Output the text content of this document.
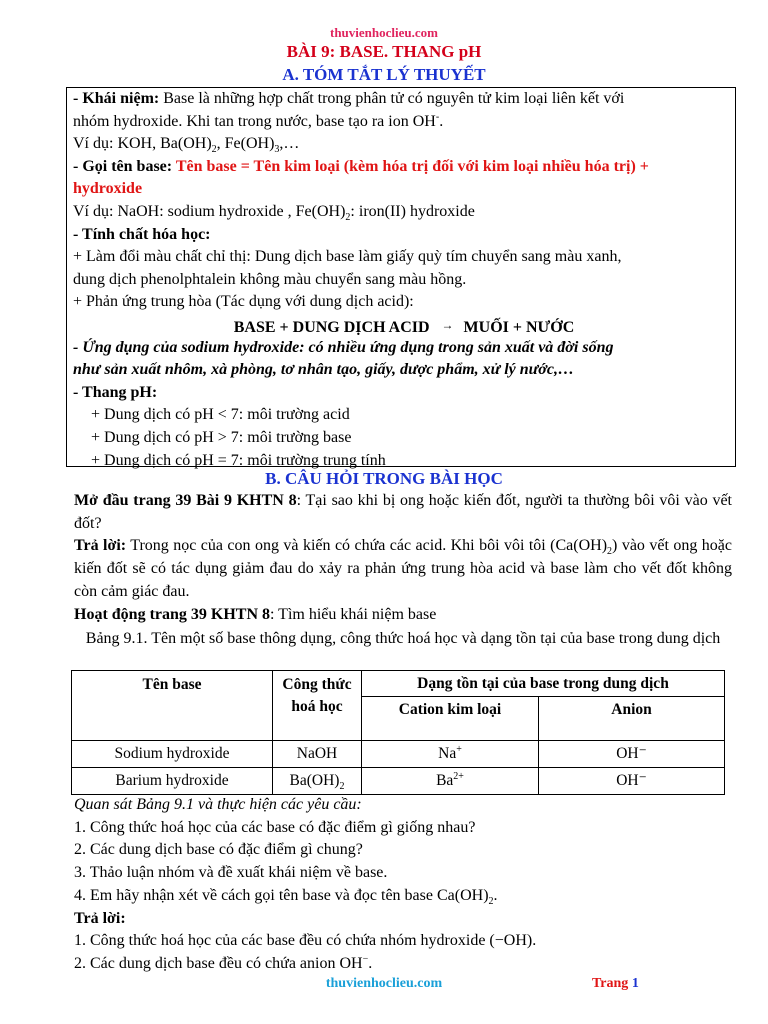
thuvienhoclieu.com
BÀI 9: BASE. THANG pH
A. TÓM TẮT LÝ THUYẾT

- Khái niệm: Base là những hợp chất trong phân tử có nguyên tử kim loại liên kết với

nhóm hydroxide. Khi tan trong nước, base tạo ra ion OH-.

Ví dụ: KOH, $Ba(OH)_2$, $Fe(OH)_3,\dots$

- Gọi tên base: Tên base = Tên kim loại (kèm hóa trị đối với kim loại nhiều hóa trị) +

hydroxide

Ví dụ: NaOH: sodium hydroxide , $Fe(OH)_2$: iron(II) hydroxide

- Tính chất hóa học:

+ Làm đổi màu chất chỉ thị: Dung dịch base làm giấy quỳ tím chuyển sang màu xanh,

dung dịch phenolphtalein không màu chuyển sang màu hồng.

+ Phản ứng trung hòa (Tác dụng với dung dịch acid):

BASE + DUNG DỊCH ACID → MUỐI + NƯỚC

- Ứng dụng của sodium hydroxide: có nhiều ứng dụng trong sản xuất và đời sống

như sản xuất nhôm, xà phòng, tơ nhân tạo, giấy, dược phẩm, xử lý nước,…

- Thang pH:

+ Dung dịch có pH < 7: môi trường acid

+ Dung dịch có pH > 7: môi trường base

+ Dung dịch có pH = 7: môi trường trung tính

B. CÂU HỎI TRONG BÀI HỌC

Mở đầu trang 39 Bài 9 KHTN 8: Tại sao khi bị ong hoặc kiến đốt, người ta thường bôi vôi vào vết đốt?

Trả lời: Trong nọc của con ong và kiến có chứa các acid. Khi bôi vôi tôi $(Ca(OH)_2)$ vào vết ong hoặc kiến đốt sẽ có tác dụng giảm đau do xảy ra phản ứng trung hòa acid và base làm cho vết đốt không còn cảm giác đau.

Hoạt động trang 39 KHTN 8: Tìm hiểu khái niệm base

Bảng 9.1. Tên một số base thông dụng, công thức hoá học và dạng tồn tại của base trong dung dịch
Tên base	Công thức
hoá học	Dạng tồn tại của base trong dung dịch	
		Cation kim loại	Anion
Sodium hydroxide	NaOH	Na+	OH⁻
Barium hydroxide	$Ba(OH)_2$	$Ba^{2+}$	OH⁻

Quan sát Bảng 9.1 và thực hiện các yêu cầu:

1. Công thức hoá học của các base có đặc điểm gì giống nhau?

2. Các dung dịch base có đặc điểm gì chung?

3. Thảo luận nhóm và đề xuất khái niệm về base.

4. Em hãy nhận xét về cách gọi tên base và đọc tên base $Ca(OH)_2$.

Trả lời:

1. Công thức hoá học của các base đều có chứa nhóm hydroxide (−OH).

2. Các dung dịch base đều có chứa anion OH−.

thuvienhoclieu.com	Trang 1
